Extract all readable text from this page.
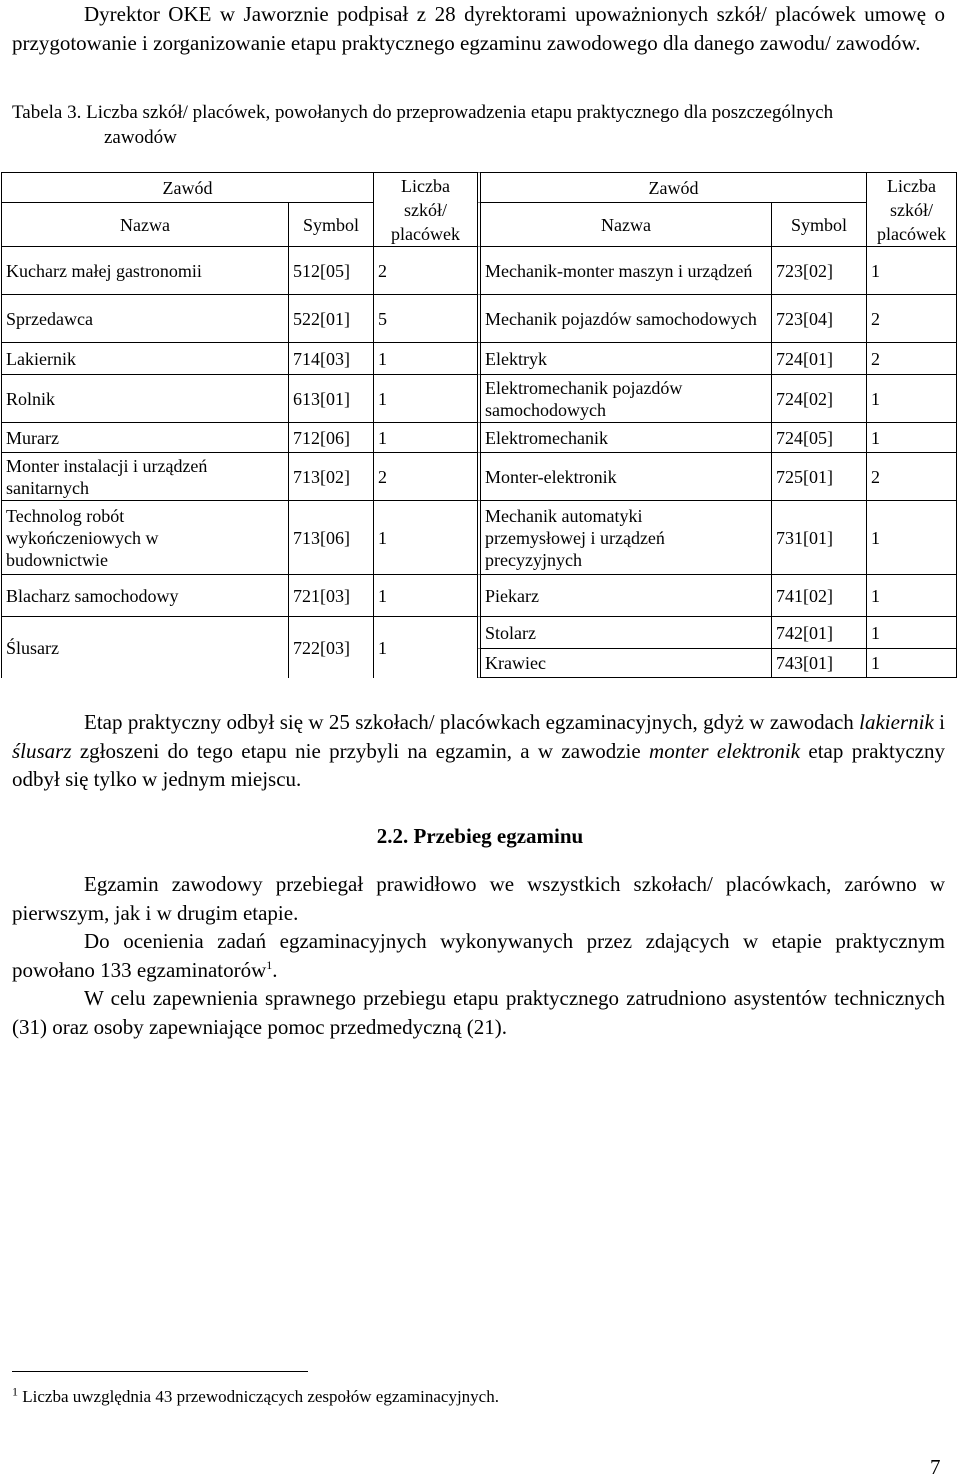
Dyrektor OKE w Jaworznie podpisał z 28 dyrektorami upoważnionych szkół/ placówek umowę o przygotowanie i zorganizowanie etapu praktycznego egzaminu zawodowego dla danego zawodu/ zawodów.

Tabela 3. Liczba szkół/ placówek, powołanych do przeprowadzenia etapu praktycznego dla poszczególnych
zawodów
Zawód		Liczba szkół/ placówek	Zawód		Liczba szkół/ placówek
Nazwa	Symbol		Nazwa	Symbol	
Kucharz małej gastronomii	512[05]	2	Mechanik-monter maszyn i urządzeń	723[02]	1
Sprzedawca	522[01]	5	Mechanik pojazdów samochodowych	723[04]	2
Lakiernik	714[03]	1	Elektryk	724[01]	2
Rolnik	613[01]	1	Elektromechanik pojazdów samochodowych	724[02]	1
Murarz	712[06]	1	Elektromechanik	724[05]	1
Monter instalacji i urządzeń sanitarnych	713[02]	2	Monter-elektronik	725[01]	2
Technolog robót wykończeniowych w budownictwie	713[06]	1	Mechanik automatyki przemysłowej i urządzeń precyzyjnych	731[01]	1
Blacharz samochodowy	721[03]	1	Piekarz	741[02]	1
Ślusarz	722[03]	1	Stolarz	742[01]	1
			Krawiec	743[01]	1

Etap praktyczny odbył się w 25 szkołach/ placówkach egzaminacyjnych, gdyż w zawodach lakiernik i ślusarz zgłoszeni do tego etapu nie przybyli na egzamin, a w zawodzie monter elektronik etap praktyczny odbył się tylko w jednym miejscu.

2.2. Przebieg egzaminu

Egzamin zawodowy przebiegał prawidłowo we wszystkich szkołach/ placówkach, zarówno w pierwszym, jak i w drugim etapie.

Do ocenienia zadań egzaminacyjnych wykonywanych przez zdających w etapie praktycznym powołano 133 egzaminatorów$^1$.

W celu zapewnienia sprawnego przebiegu etapu praktycznego zatrudniono asystentów technicznych (31) oraz osoby zapewniające pomoc przedmedyczną (21).

$^1$ Liczba uwzględnia 43 przewodniczących zespołów egzaminacyjnych.
7
